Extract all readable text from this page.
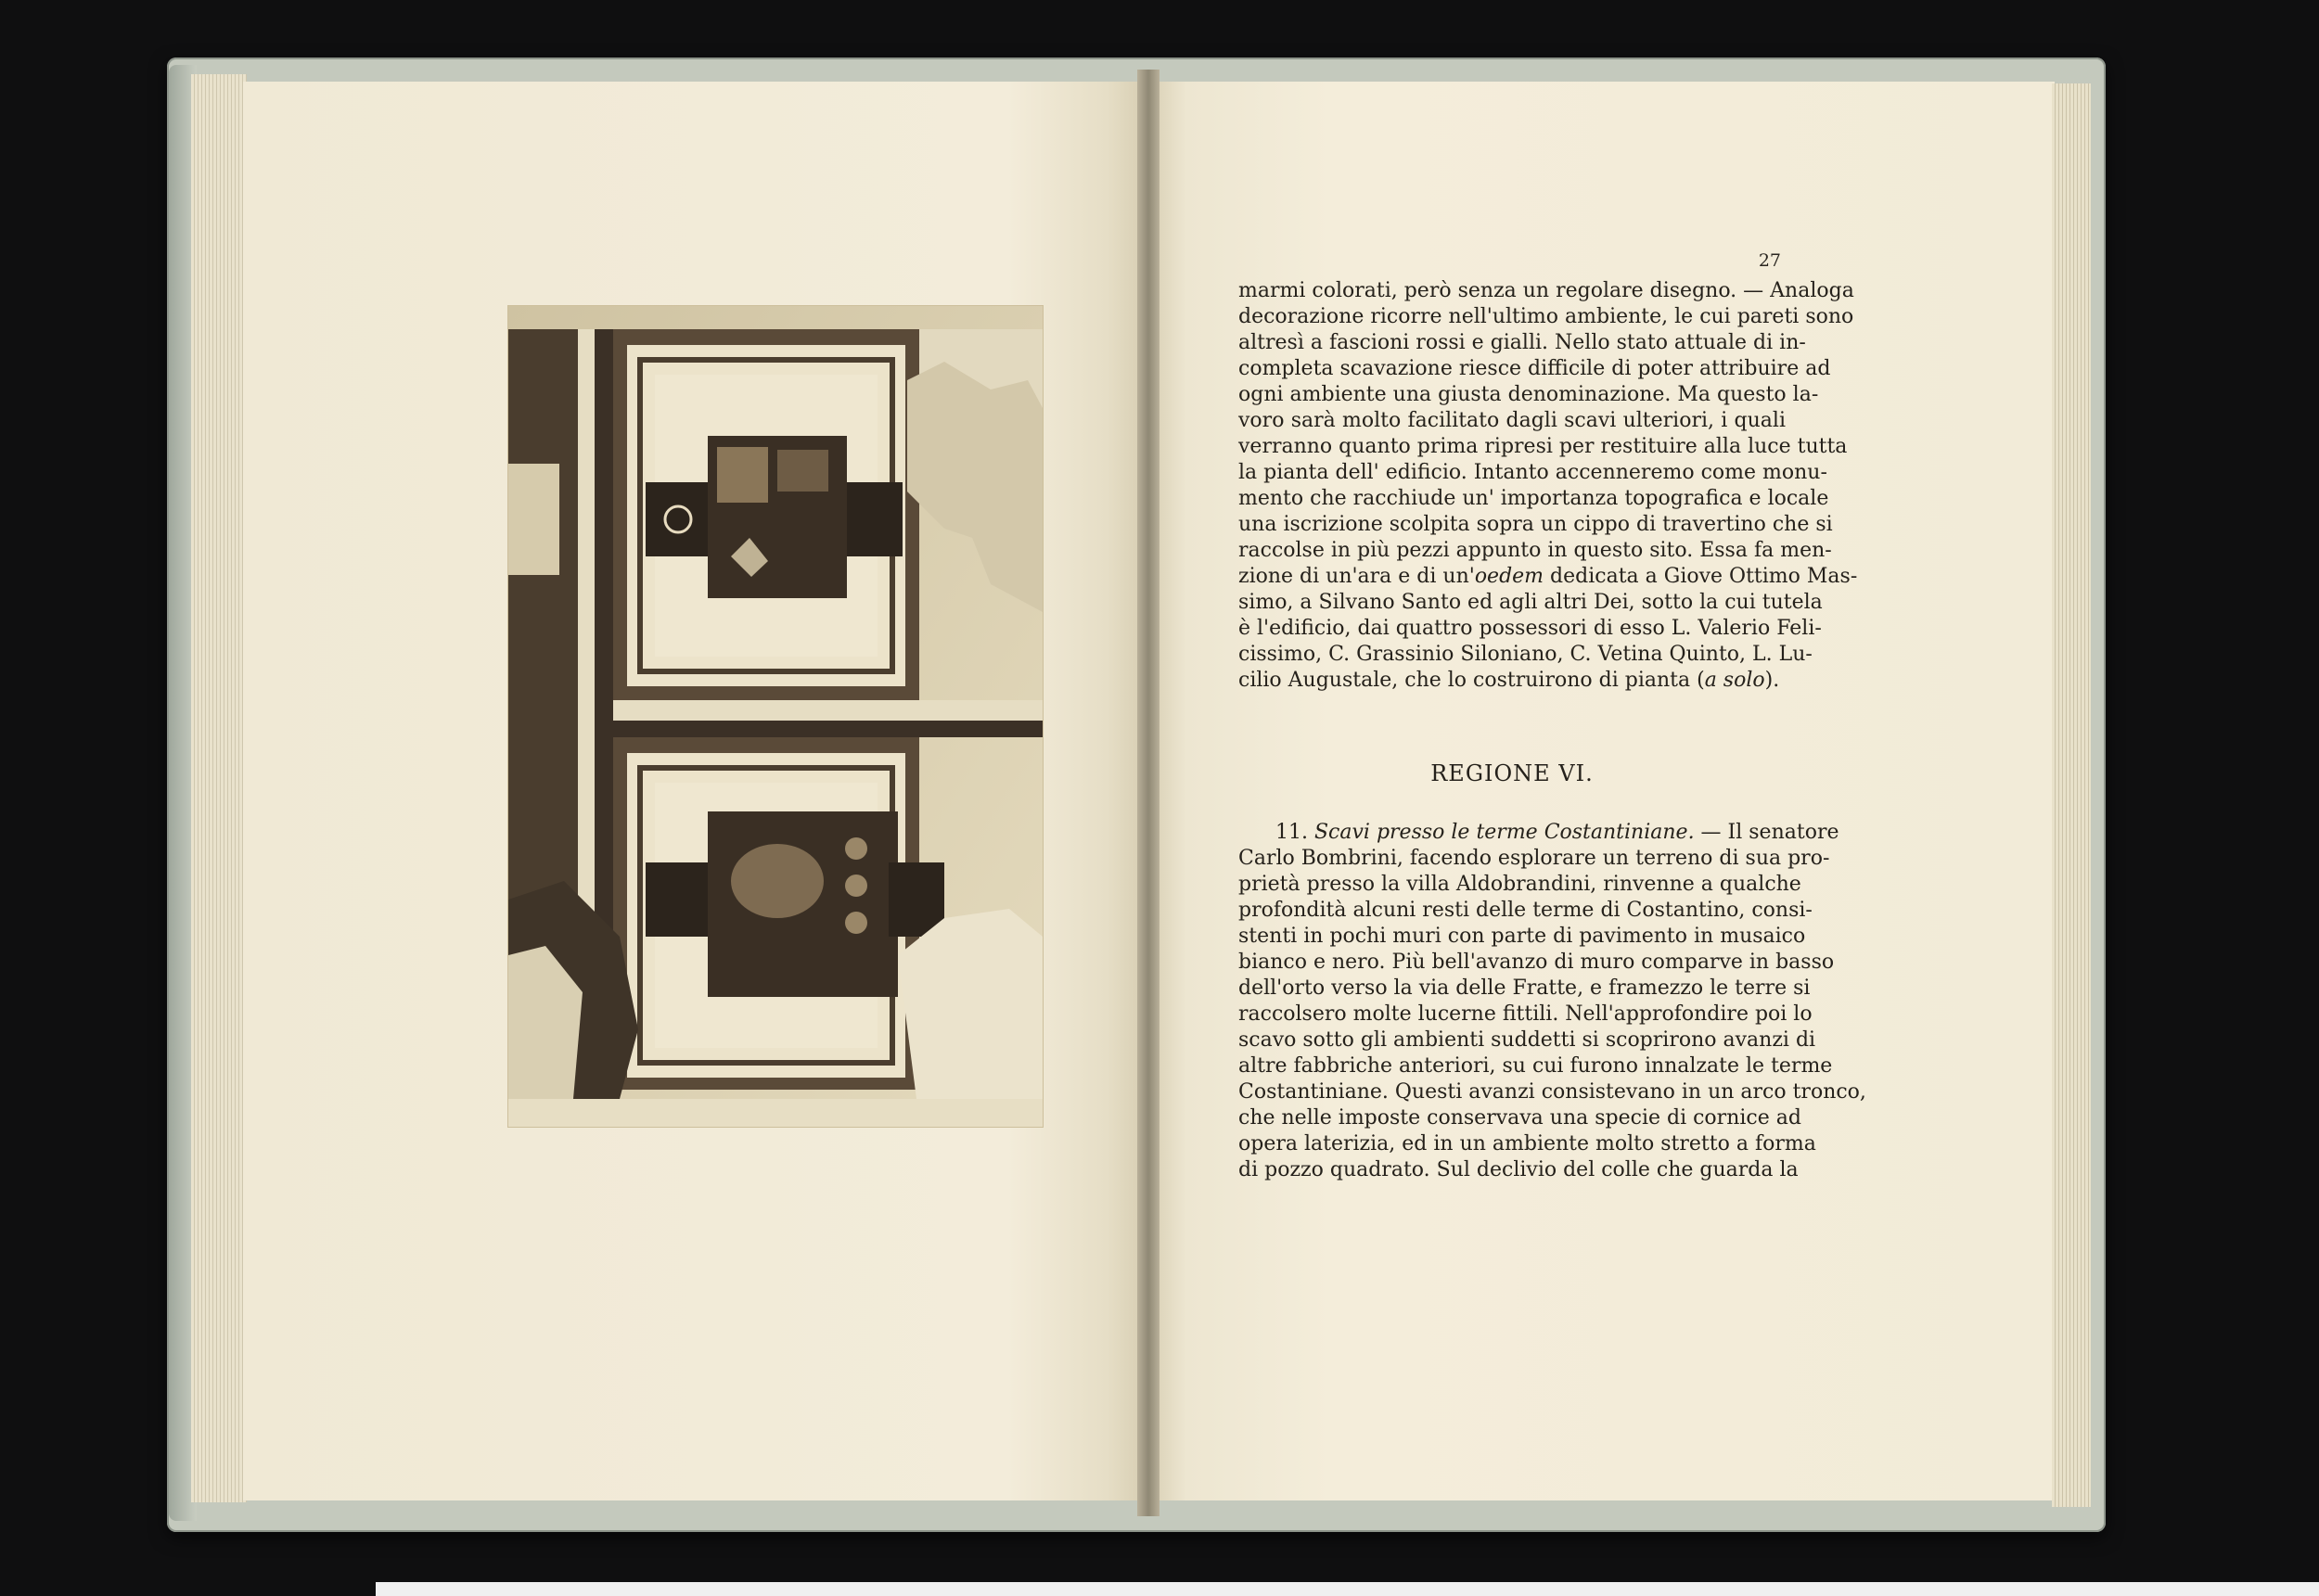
27
marmi colorati, però senza un regolare disegno. — Analoga
decorazione ricorre nell'ultimo ambiente, le cui pareti sono
altresì a fascioni rossi e gialli. Nello stato attuale di in-
completa scavazione riesce difficile di poter attribuire ad
ogni ambiente una giusta denominazione. Ma questo la-
voro sarà molto facilitato dagli scavi ulteriori, i quali
verranno quanto prima ripresi per restituire alla luce tutta
la pianta dell' edificio. Intanto accenneremo come monu-
mento che racchiude un' importanza topografica e locale
una iscrizione scolpita sopra un cippo di travertino che si
raccolse in più pezzi appunto in questo sito. Essa fa men-
zione di un'ara e di un'oedem dedicata a Giove Ottimo Mas-
simo, a Silvano Santo ed agli altri Dei, sotto la cui tutela
è l'edificio, dai quattro possessori di esso L. Valerio Feli-
cissimo, C. Grassinio Siloniano, C. Vetina Quinto, L. Lu-
cilio Augustale, che lo costruirono di pianta (a solo).
REGIONE VI.
11. Scavi presso le terme Costantiniane. — Il senatore
Carlo Bombrini, facendo esplorare un terreno di sua pro-
prietà presso la villa Aldobrandini, rinvenne a qualche
profondità alcuni resti delle terme di Costantino, consi-
stenti in pochi muri con parte di pavimento in musaico
bianco e nero. Più bell'avanzo di muro comparve in basso
dell'orto verso la via delle Fratte, e framezzo le terre si
raccolsero molte lucerne fittili. Nell'approfondire poi lo
scavo sotto gli ambienti suddetti si scoprirono avanzi di
altre fabbriche anteriori, su cui furono innalzate le terme
Costantiniane. Questi avanzi consistevano in un arco tronco,
che nelle imposte conservava una specie di cornice ad
opera laterizia, ed in un ambiente molto stretto a forma
di pozzo quadrato. Sul declivio del colle che guarda la
